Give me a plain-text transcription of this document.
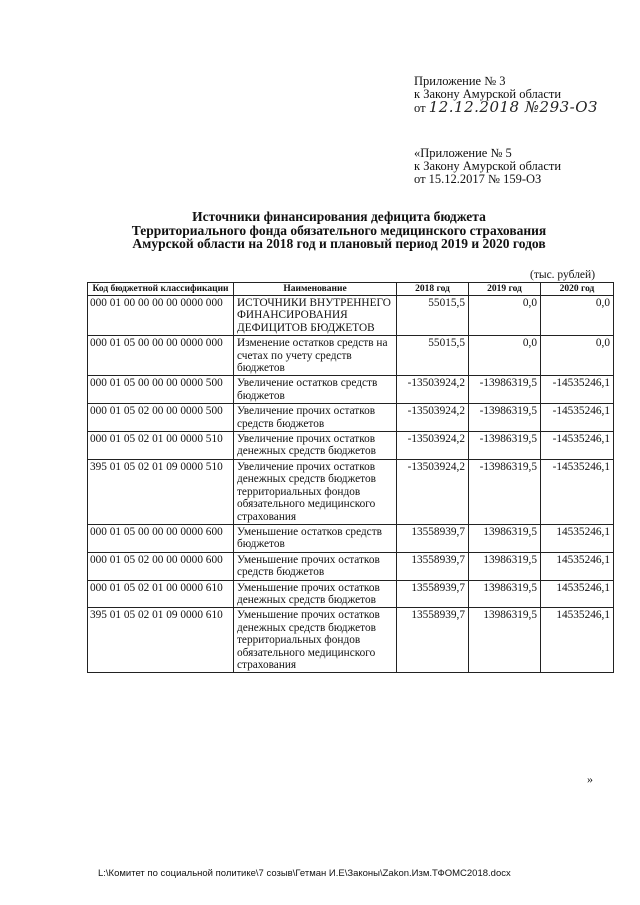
Приложение № 3
к Закону Амурской области
от 12.12.2018 №293-ОЗ
«Приложение № 5
к Закону Амурской области
от 15.12.2017 № 159-ОЗ
Источники финансирования дефицита бюджета
Территориального фонда обязательного медицинского страхования
Амурской области на 2018 год и плановый период 2019 и 2020 годов
(тыс. рублей)
Код бюджетной классификации	Наименование	2018 год	2019 год	2020 год
000 01 00 00 00 00 0000 000	ИСТОЧНИКИ ВНУТРЕННЕГО ФИНАНСИРОВАНИЯ ДЕФИЦИТОВ БЮДЖЕТОВ	55015,5	0,0	0,0
000 01 05 00 00 00 0000 000	Изменение остатков средств на счетах по учету средств бюджетов	55015,5	0,0	0,0
000 01 05 00 00 00 0000 500	Увеличение остатков средств бюджетов	-13503924,2	-13986319,5	-14535246,1
000 01 05 02 00 00 0000 500	Увеличение прочих остатков средств бюджетов	-13503924,2	-13986319,5	-14535246,1
000 01 05 02 01 00 0000 510	Увеличение прочих остатков денежных средств бюджетов	-13503924,2	-13986319,5	-14535246,1
395 01 05 02 01 09 0000 510	Увеличение прочих остатков денежных средств бюджетов территориальных фондов обязательного медицинского страхования	-13503924,2	-13986319,5	-14535246,1
000 01 05 00 00 00 0000 600	Уменьшение остатков средств бюджетов	13558939,7	13986319,5	14535246,1
000 01 05 02 00 00 0000 600	Уменьшение прочих остатков средств бюджетов	13558939,7	13986319,5	14535246,1
000 01 05 02 01 00 0000 610	Уменьшение прочих остатков денежных средств бюджетов	13558939,7	13986319,5	14535246,1
395 01 05 02 01 09 0000 610	Уменьшение прочих остатков денежных средств бюджетов территориальных фондов обязательного медицинского страхования	13558939,7	13986319,5	14535246,1
»
L:\Комитет по социальной политике\7 созыв\Гетман И.Е\Законы\Zakon.Изм.ТФОМС2018.docx
